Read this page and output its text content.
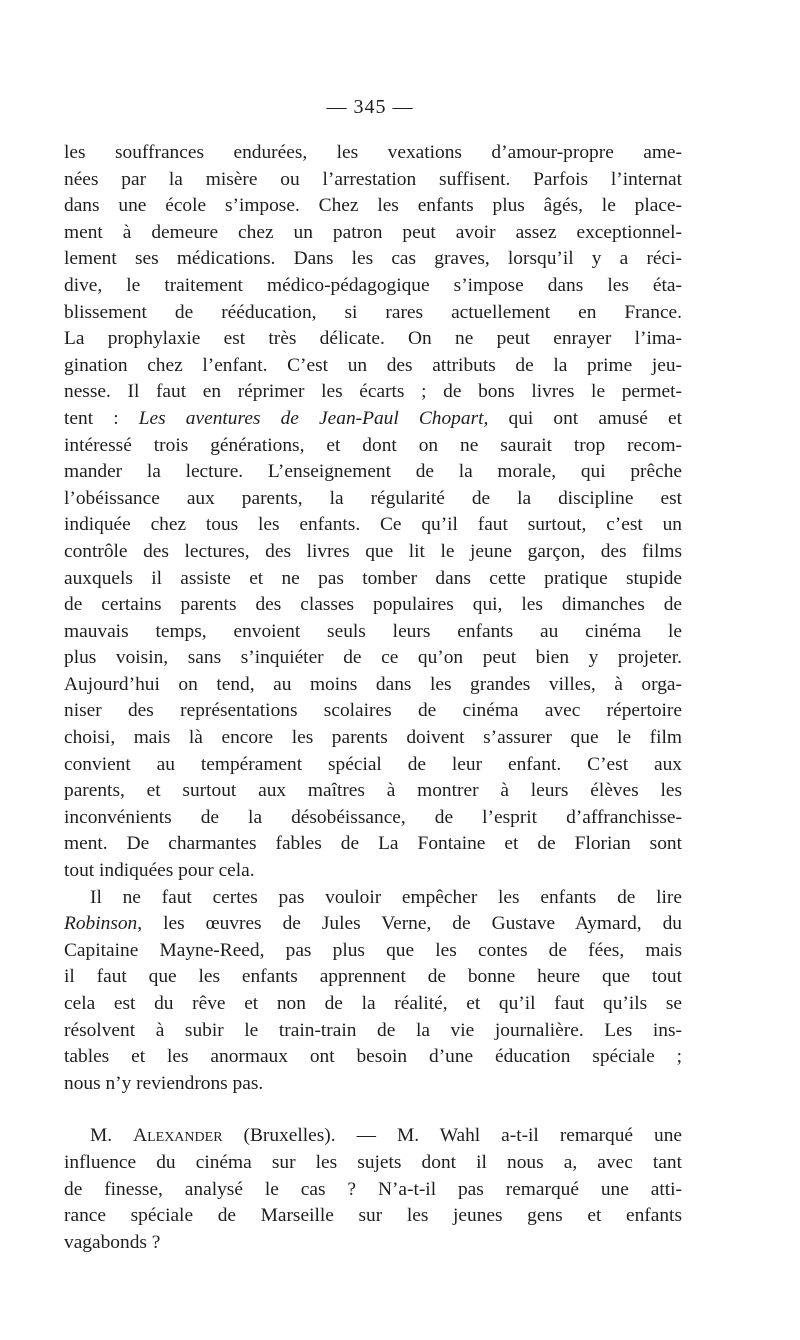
— 345 —
les souffrances endurées, les vexations d’amour-propre ame-
nées par la misère ou l’arrestation suffisent. Parfois l’internat
dans une école s’impose. Chez les enfants plus âgés, le place-
ment à demeure chez un patron peut avoir assez exceptionnel-
lement ses médications. Dans les cas graves, lorsqu’il y a réci-
dive, le traitement médico-pédagogique s’impose dans les éta-
blissement de rééducation, si rares actuellement en France.
La prophylaxie est très délicate. On ne peut enrayer l’ima-
gination chez l’enfant. C’est un des attributs de la prime jeu-
nesse. Il faut en réprimer les écarts ; de bons livres le permet-
tent : Les aventures de Jean-Paul Chopart, qui ont amusé et
intéressé trois générations, et dont on ne saurait trop recom-
mander la lecture. L’enseignement de la morale, qui prêche
l’obéissance aux parents, la régularité de la discipline est
indiquée chez tous les enfants. Ce qu’il faut surtout, c’est un
contrôle des lectures, des livres que lit le jeune garçon, des films
auxquels il assiste et ne pas tomber dans cette pratique stupide
de certains parents des classes populaires qui, les dimanches de
mauvais temps, envoient seuls leurs enfants au cinéma le
plus voisin, sans s’inquiéter de ce qu’on peut bien y projeter.
Aujourd’hui on tend, au moins dans les grandes villes, à orga-
niser des représentations scolaires de cinéma avec répertoire
choisi, mais là encore les parents doivent s’assurer que le film
convient au tempérament spécial de leur enfant. C’est aux
parents, et surtout aux maîtres à montrer à leurs élèves les
inconvénients de la désobéissance, de l’esprit d’affranchisse-
ment. De charmantes fables de La Fontaine et de Florian sont
tout indiquées pour cela.
Il ne faut certes pas vouloir empêcher les enfants de lire
Robinson, les œuvres de Jules Verne, de Gustave Aymard, du
Capitaine Mayne-Reed, pas plus que les contes de fées, mais
il faut que les enfants apprennent de bonne heure que tout
cela est du rêve et non de la réalité, et qu’il faut qu’ils se
résolvent à subir le train-train de la vie journalière. Les ins-
tables et les anormaux ont besoin d’une éducation spéciale ;
nous n’y reviendrons pas.
M. Alexander (Bruxelles). — M. Wahl a-t-il remarqué une
influence du cinéma sur les sujets dont il nous a, avec tant
de finesse, analysé le cas ? N’a-t-il pas remarqué une atti-
rance spéciale de Marseille sur les jeunes gens et enfants
vagabonds ?
